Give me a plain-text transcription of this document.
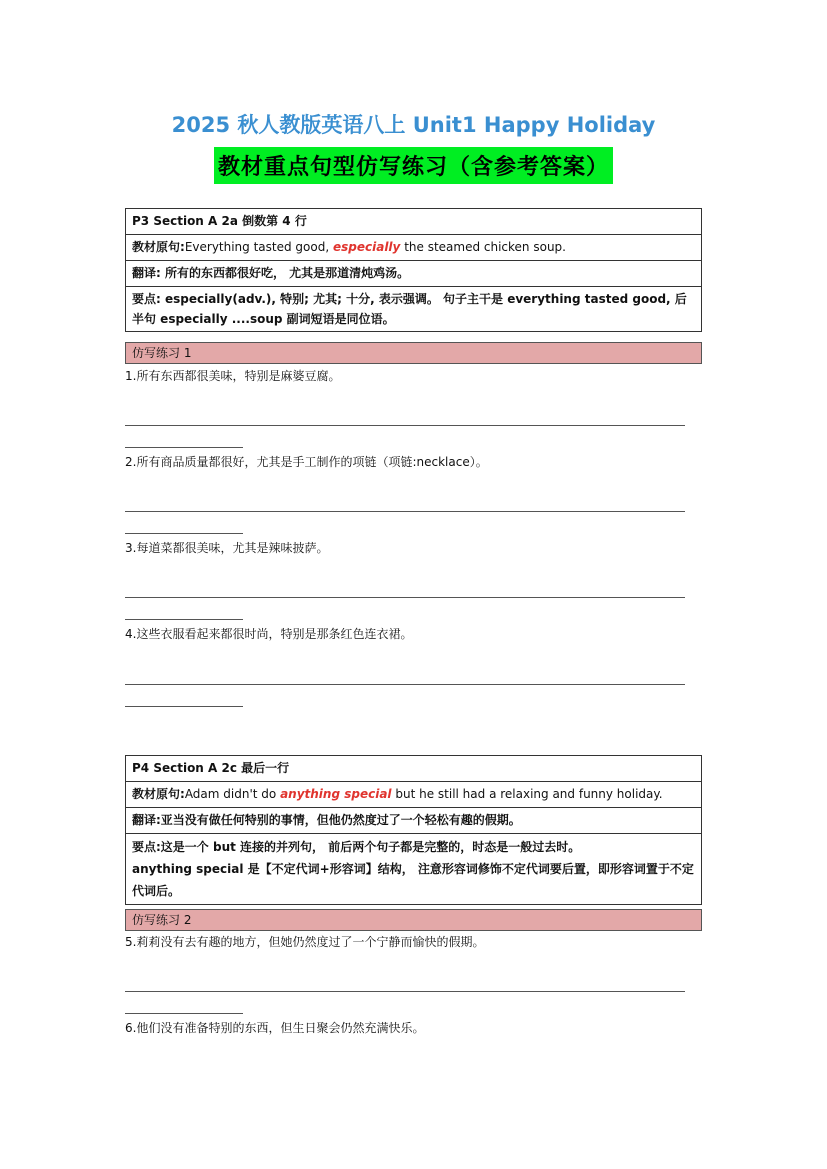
2025 秋人教版英语八上 Unit1 Happy Holiday
教材重点句型仿写练习（含参考答案）
P3 Section A 2a 倒数第 4 行
教材原句:Everything tasted good, especially the steamed chicken soup.
翻译: 所有的东西都很好吃， 尤其是那道清炖鸡汤。
要点: especially(adv.), 特别; 尤其; 十分, 表示强调。 句子主干是 everything tasted good, 后半句 especially ....soup 副词短语是同位语。
仿写练习 1
1.所有东西都很美味，特别是麻婆豆腐。
2.所有商品质量都很好，尤其是手工制作的项链（项链:necklace）。
3.每道菜都很美味，尤其是辣味披萨。
4.这些衣服看起来都很时尚，特别是那条红色连衣裙。
P4 Section A 2c 最后一行
教材原句:Adam didn't do anything special but he still had a relaxing and funny holiday.
翻译:亚当没有做任何特别的事情，但他仍然度过了一个轻松有趣的假期。
要点:这是一个 but 连接的并列句， 前后两个句子都是完整的，时态是一般过去时。
anything special 是【不定代词+形容词】结构， 注意形容词修饰不定代词要后置，即形容词置于不定代词后。
仿写练习 2
5.莉莉没有去有趣的地方，但她仍然度过了一个宁静而愉快的假期。
6.他们没有准备特别的东西，但生日聚会仍然充满快乐。
